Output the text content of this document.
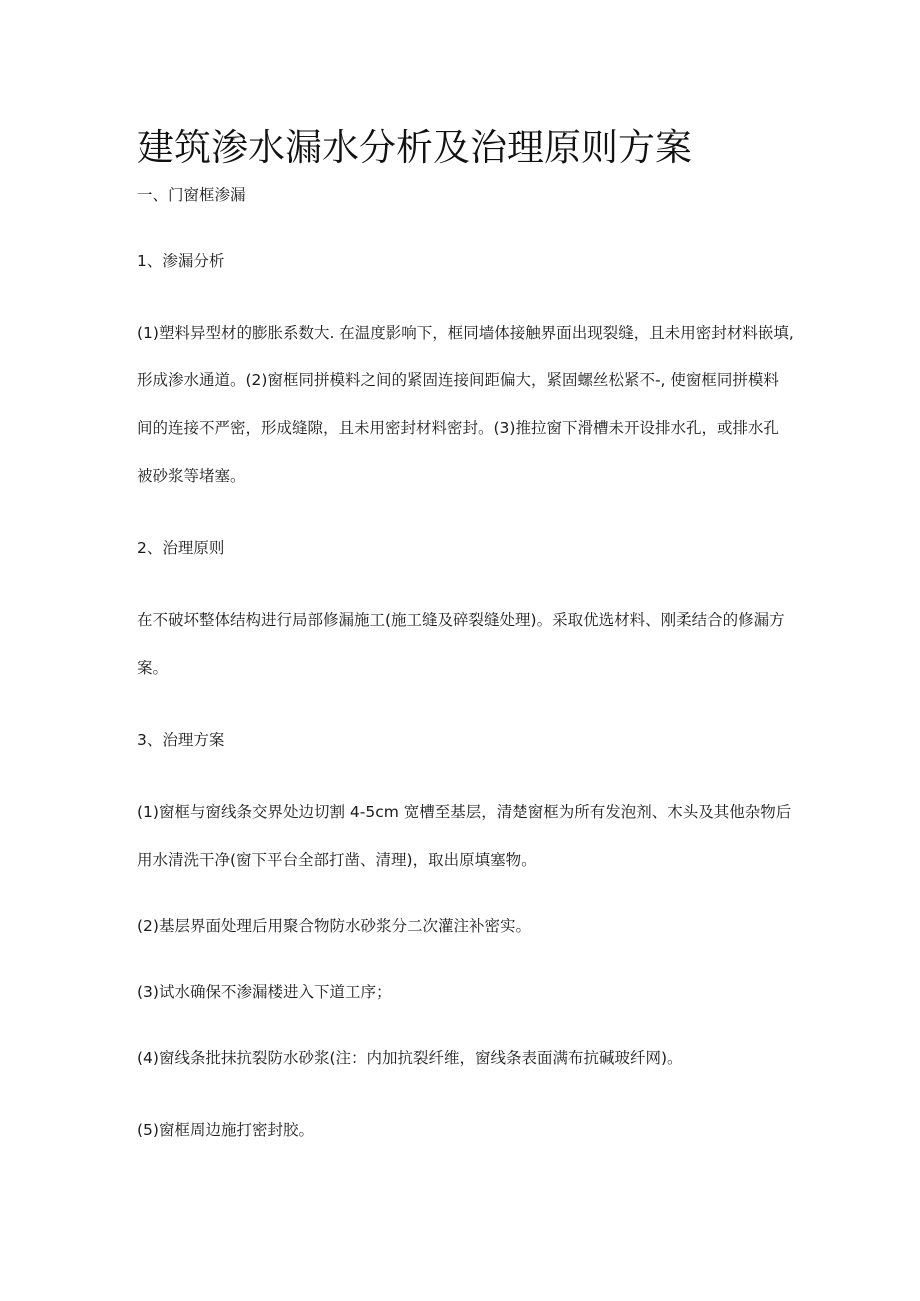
建筑渗水漏水分析及治理原则方案
一、门窗框渗漏
1、渗漏分析
(1)塑料异型材的膨胀系数大. 在温度影响下，框同墙体接触界面出现裂缝，且未用密封材料嵌填,
形成渗水通道。(2)窗框同拼模料之间的紧固连接间距偏大，紧固螺丝松紧不-, 使窗框同拼模料
间的连接不严密，形成缝隙，且未用密封材料密封。(3)推拉窗下滑槽未开设排水孔，或排水孔
被砂浆等堵塞。
2、治理原则
在不破坏整体结构进行局部修漏施工(施工缝及碎裂缝处理)。采取优选材料、刚柔结合的修漏方
案。
3、治理方案
(1)窗框与窗线条交界处边切割 4-5cm 宽槽至基层，清楚窗框为所有发泡剂、木头及其他杂物后
用水清洗干净(窗下平台全部打凿、清理)，取出原填塞物。
(2)基层界面处理后用聚合物防水砂浆分二次灌注补密实。
(3)试水确保不渗漏楼进入下道工序；
(4)窗线条批抹抗裂防水砂浆(注：内加抗裂纤维，窗线条表面满布抗碱玻纤网)。
(5)窗框周边施打密封胶。
